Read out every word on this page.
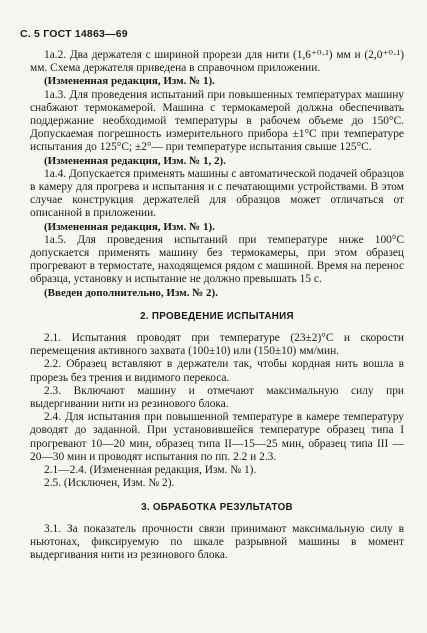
С. 5 ГОСТ 14863—69

1а.2. Два держателя с шириной прорези для нити (1,6⁺⁰·¹) мм и (2,0⁺⁰·¹) мм. Схема держателя приведена в справочном приложении.

(Измененная редакция, Изм. № 1).

1а.3. Для проведения испытаний при повышенных температурах машину снабжают термокамерой. Машина с термокамерой должна обеспечивать поддержание необходимой температуры в рабочем объеме до 150°С. Допускаемая погрешность измерительного прибора ±1°С при температуре испытания до 125°С; ±2°— при температуре испытания свыше 125°С.

(Измененная редакция, Изм. № 1, 2).

1а.4. Допускается применять машины с автоматической подачей образцов в камеру для прогрева и испытания и с печатающими устройствами. В этом случае конструкция держателей для образцов может отличаться от описанной в приложении.

(Измененная редакция, Изм. № 1).

1а.5. Для проведения испытаний при температуре ниже 100°С допускается применять машину без термокамеры, при этом образец прогревают в термостате, находящемся рядом с машиной. Время на перенос образца, установку и испытание не должно превышать 15 с.

(Введен дополнительно, Изм. № 2).

2. ПРОВЕДЕНИЕ ИСПЫТАНИЯ

2.1. Испытания проводят при температуре (23±2)°С и скорости перемещения активного захвата (100±10) или (150±10) мм/мин.

2.2. Образец вставляют в держатели так, чтобы кордная нить вошла в прорезь без трения и видимого перекоса.

2.3. Включают машину и отмечают максимальную силу при выдергивании нити из резинового блока.

2.4. Для испытания при повышенной температуре в камере температуру доводят до заданной. При установившейся температуре образец типа I прогревают 10—20 мин, образец типа II—15—25 мин, образец типа III — 20—30 мин и проводят испытания по пп. 2.2 и 2.3.

2.1—2.4. (Измененная редакция, Изм. № 1).

2.5. (Исключен, Изм. № 2).

3. ОБРАБОТКА РЕЗУЛЬТАТОВ

3.1. За показатель прочности связи принимают максимальную силу в ньютонах, фиксируемую по шкале разрывной машины в момент выдергивания нити из резинового блока.
